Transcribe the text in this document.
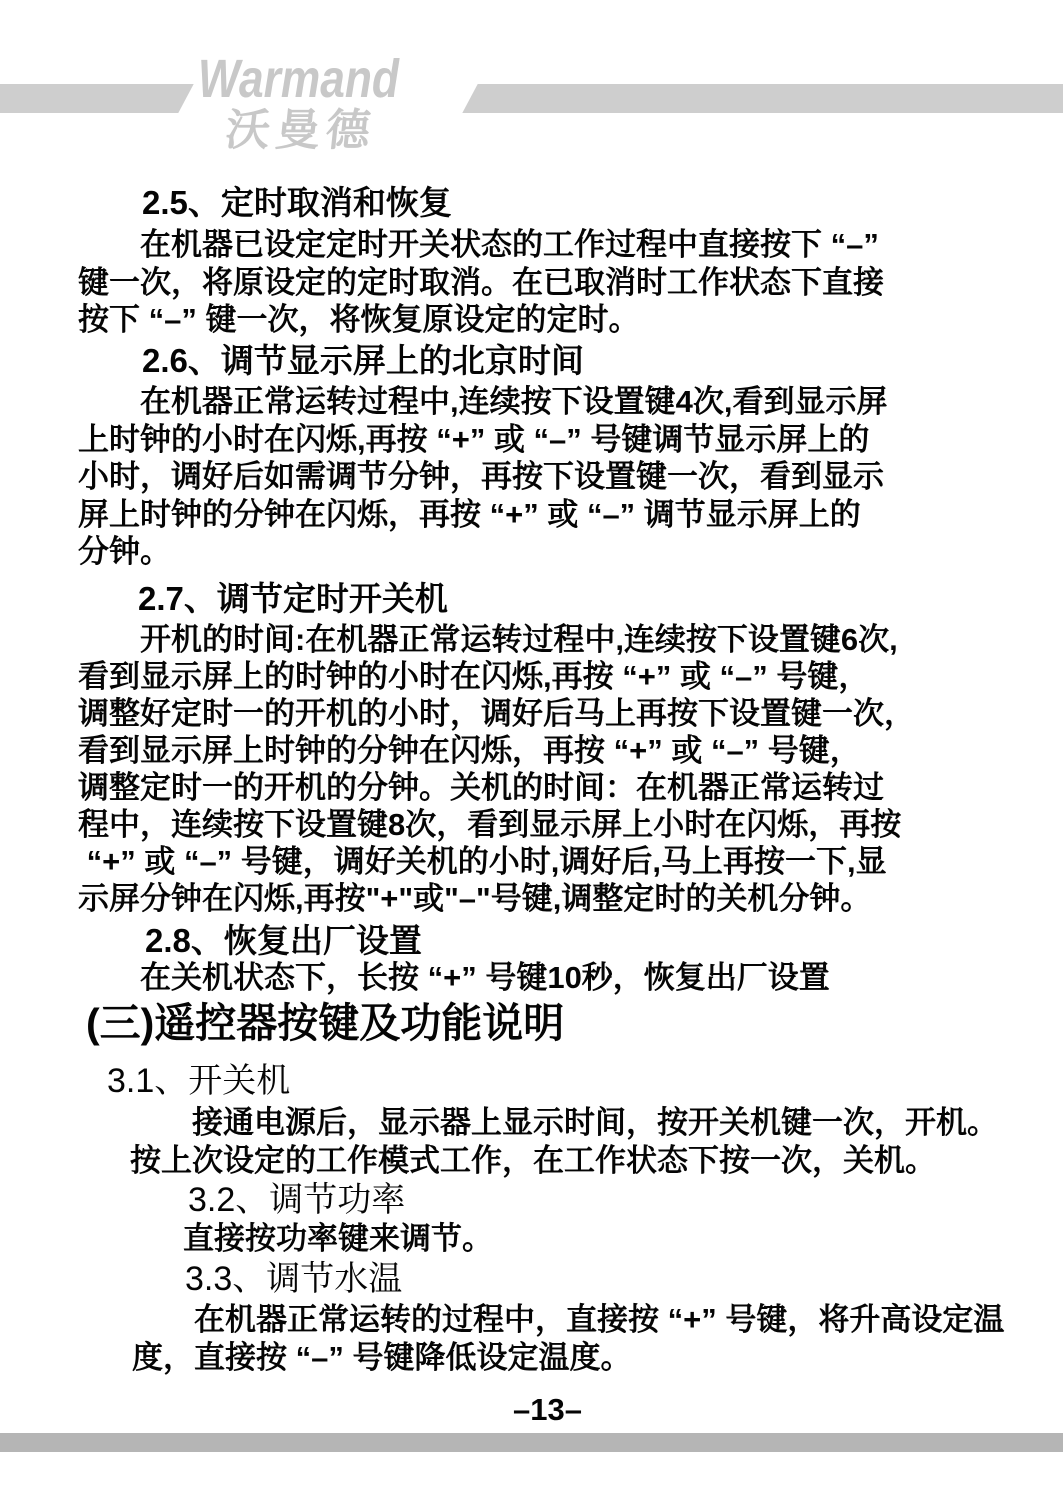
Warmand
沃曼德
2.5、定时取消和恢复
　　在机器已设定定时开关状态的工作过程中直接按下 “–”
键一次，将原设定的定时取消。在已取消时工作状态下直接
按下 “–” 键一次，将恢复原设定的定时。
2.6、调节显示屏上的北京时间
　　在机器正常运转过程中,连续按下设置键4次,看到显示屏
上时钟的小时在闪烁,再按 “+” 或 “–” 号键调节显示屏上的
小时，调好后如需调节分钟，再按下设置键一次，看到显示
屏上时钟的分钟在闪烁，再按 “+” 或 “–” 调节显示屏上的
分钟。
2.7、调节定时开关机
　　开机的时间:在机器正常运转过程中,连续按下设置键6次,
看到显示屏上的时钟的小时在闪烁,再按 “+” 或 “–” 号键，
调整好定时一的开机的小时，调好后马上再按下设置键一次，
看到显示屏上时钟的分钟在闪烁，再按 “+” 或 “–” 号键，
调整定时一的开机的分钟。关机的时间：在机器正常运转过
程中，连续按下设置键8次，看到显示屏上小时在闪烁，再按
“+” 或 “–” 号键，调好关机的小时,调好后,马上再按一下,显
示屏分钟在闪烁,再按"+"或"–"号键,调整定时的关机分钟。
2.8、恢复出厂设置
　　在关机状态下，长按 “+” 号键10秒，恢复出厂设置
(三)遥控器按键及功能说明
3.1、开关机
　　接通电源后，显示器上显示时间，按开关机键一次，开机。
按上次设定的工作模式工作，在工作状态下按一次，关机。
3.2、调节功率
直接按功率键来调节。
3.3、调节水温
　　在机器正常运转的过程中，直接按 “+” 号键，将升高设定温
度，直接按 “–” 号键降低设定温度。
–13–
